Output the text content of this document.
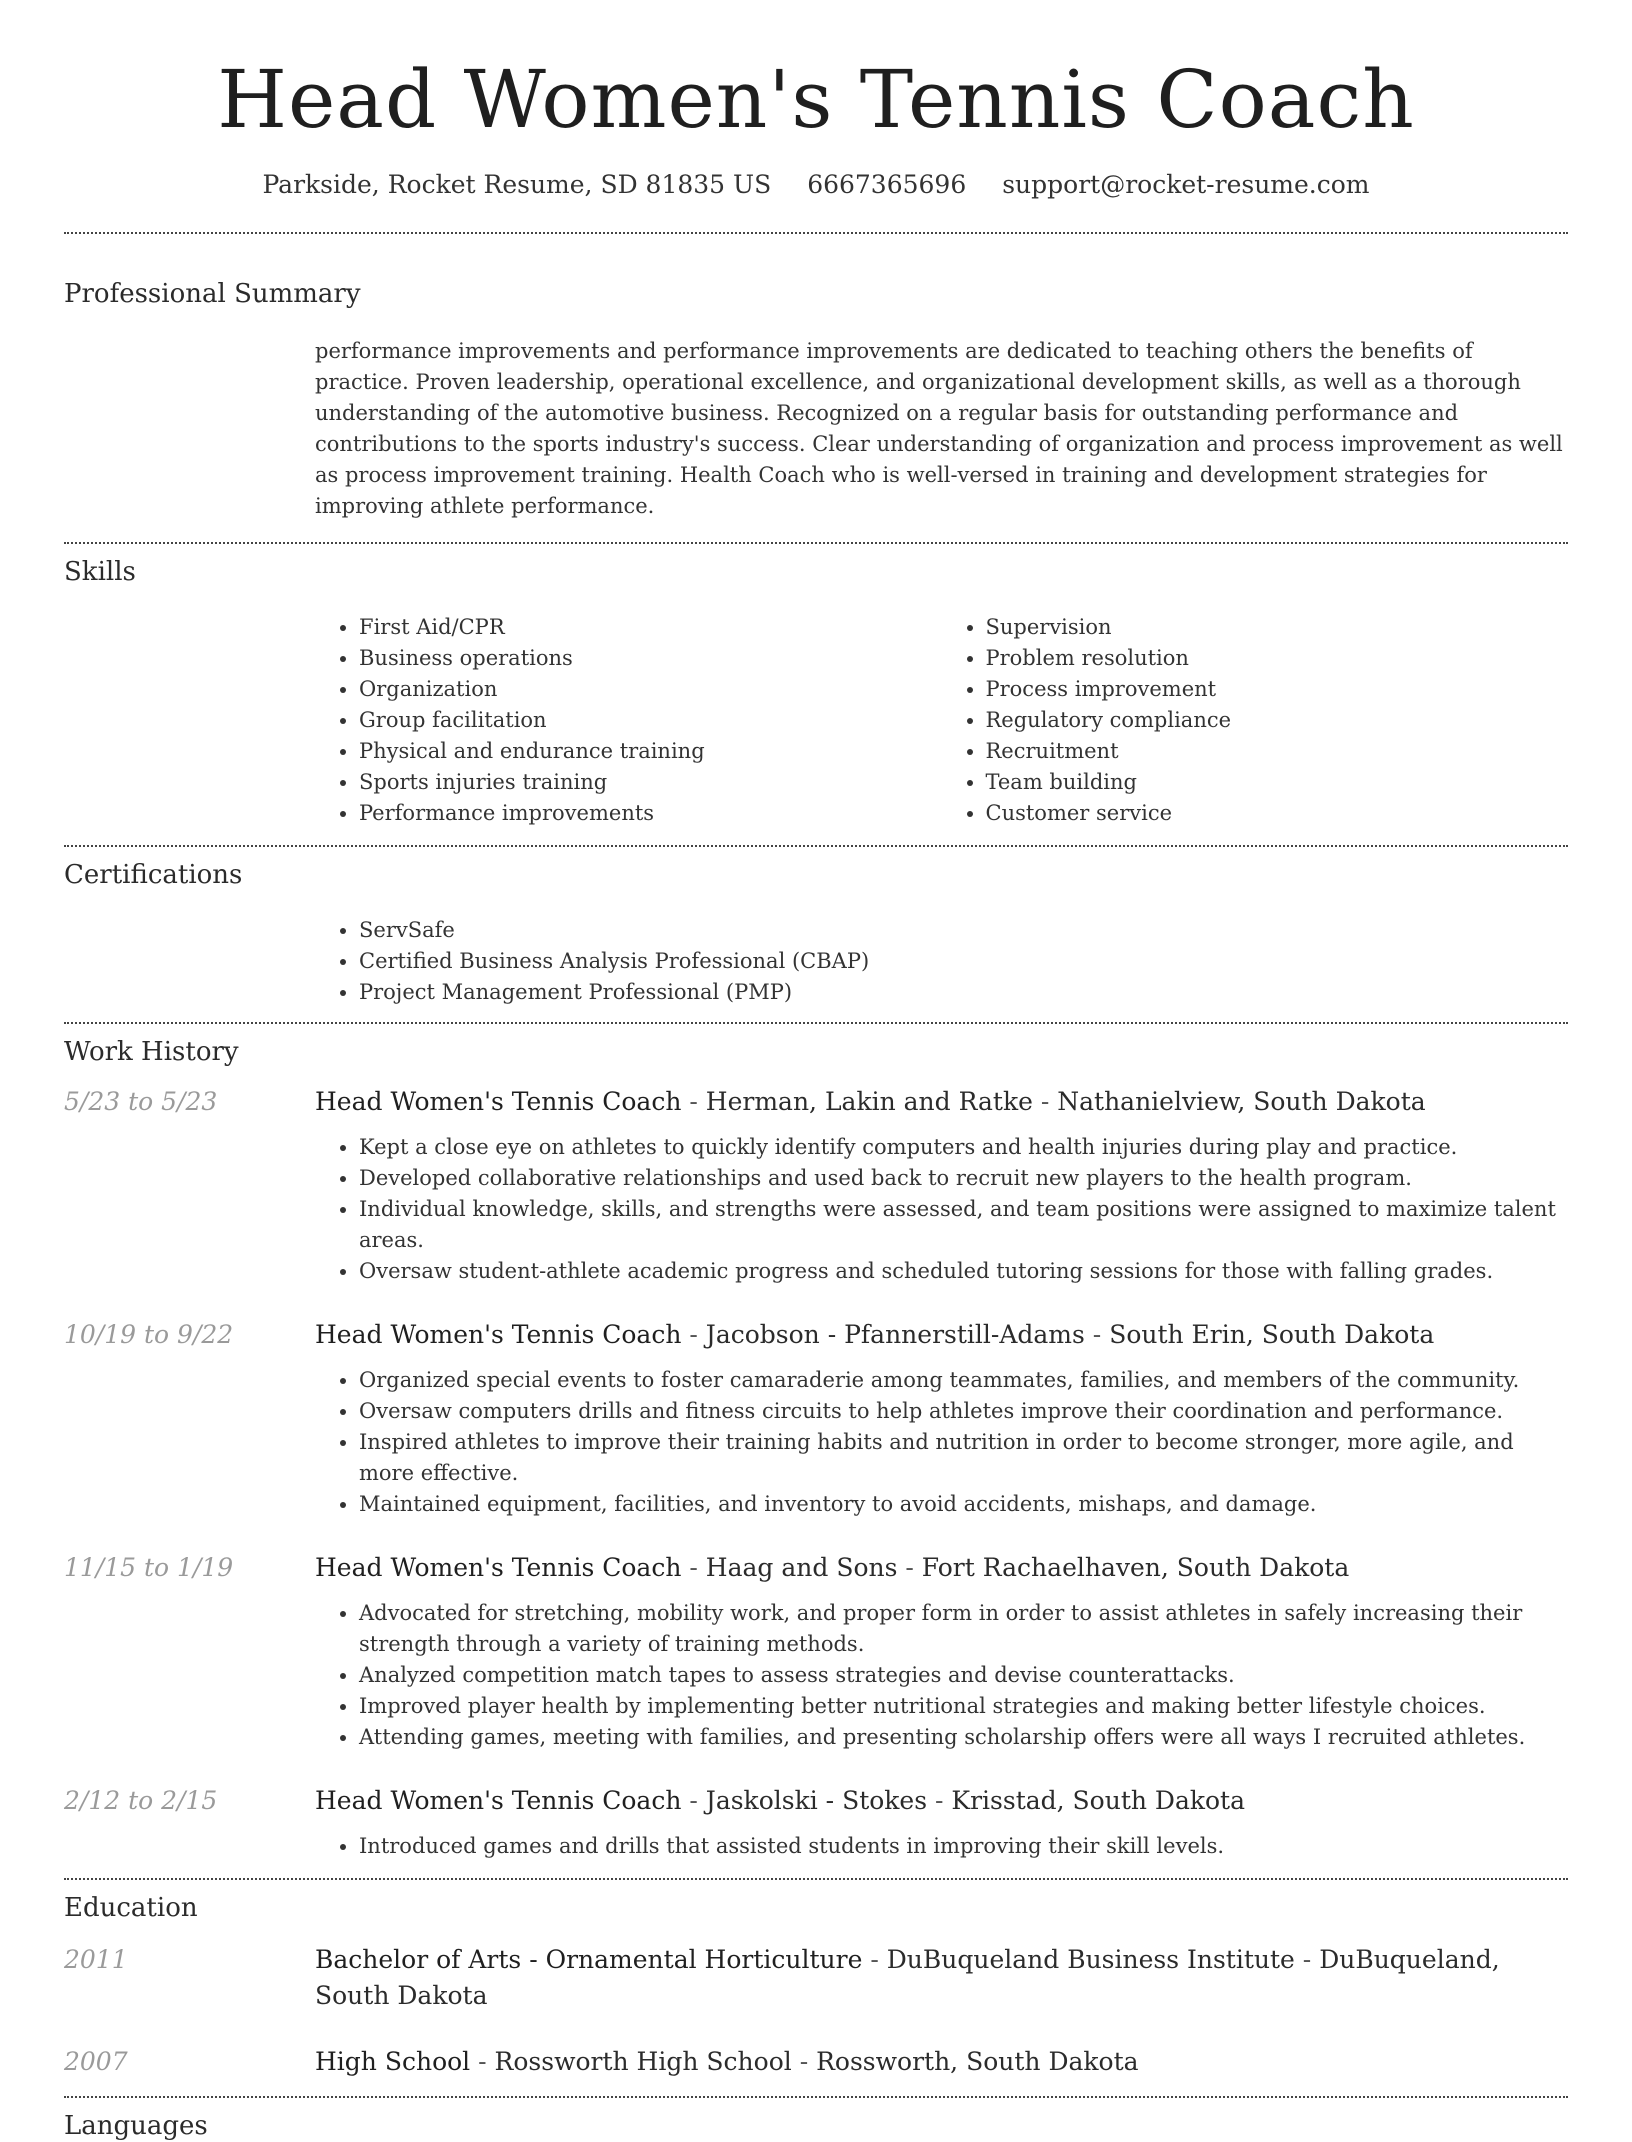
Head Women's Tennis Coach
Parkside, Rocket Resume, SD 81835 US 6667365696 support@rocket-resume.com
Professional Summary

performance improvements and performance improvements are dedicated to teaching others the benefits of practice. Proven leadership, operational excellence, and organizational development skills, as well as a thorough understanding of the automotive business. Recognized on a regular basis for outstanding performance and contributions to the sports industry's success. Clear understanding of organization and process improvement as well as process improvement training. Health Coach who is well-versed in training and development strategies for improving athlete performance.

Skills
• First Aid/CPR
• Business operations
• Organization
• Group facilitation
• Physical and endurance training
• Sports injuries training
• Performance improvements
• Supervision
• Problem resolution
• Process improvement
• Regulatory compliance
• Recruitment
• Team building
• Customer service
Certifications
• ServSafe
• Certified Business Analysis Professional (CBAP)
• Project Management Professional (PMP)
Work History
5/23 to 5/23	Head Women's Tennis Coach - Herman, Lakin and Ratke - Nathanielview, South Dakota
• Kept a close eye on athletes to quickly identify computers and health injuries during play and practice.
• Developed collaborative relationships and used back to recruit new players to the health program.
• Individual knowledge, skills, and strengths were assessed, and team positions were assigned to maximize talent areas.
• Oversaw student-athlete academic progress and scheduled tutoring sessions for those with falling grades.
10/19 to 9/22	Head Women's Tennis Coach - Jacobson - Pfannerstill-Adams - South Erin, South Dakota
• Organized special events to foster camaraderie among teammates, families, and members of the community.
• Oversaw computers drills and fitness circuits to help athletes improve their coordination and performance.
• Inspired athletes to improve their training habits and nutrition in order to become stronger, more agile, and more effective.
• Maintained equipment, facilities, and inventory to avoid accidents, mishaps, and damage.
11/15 to 1/19	Head Women's Tennis Coach - Haag and Sons - Fort Rachaelhaven, South Dakota
• Advocated for stretching, mobility work, and proper form in order to assist athletes in safely increasing their strength through a variety of training methods.
• Analyzed competition match tapes to assess strategies and devise counterattacks.
• Improved player health by implementing better nutritional strategies and making better lifestyle choices.
• Attending games, meeting with families, and presenting scholarship offers were all ways I recruited athletes.
2/12 to 2/15	Head Women's Tennis Coach - Jaskolski - Stokes - Krisstad, South Dakota
• Introduced games and drills that assisted students in improving their skill levels.
Education
2011	Bachelor of Arts - Ornamental Horticulture - DuBuqueland Business Institute - DuBuqueland, South Dakota
2007	High School - Rossworth High School - Rossworth, South Dakota
Languages
